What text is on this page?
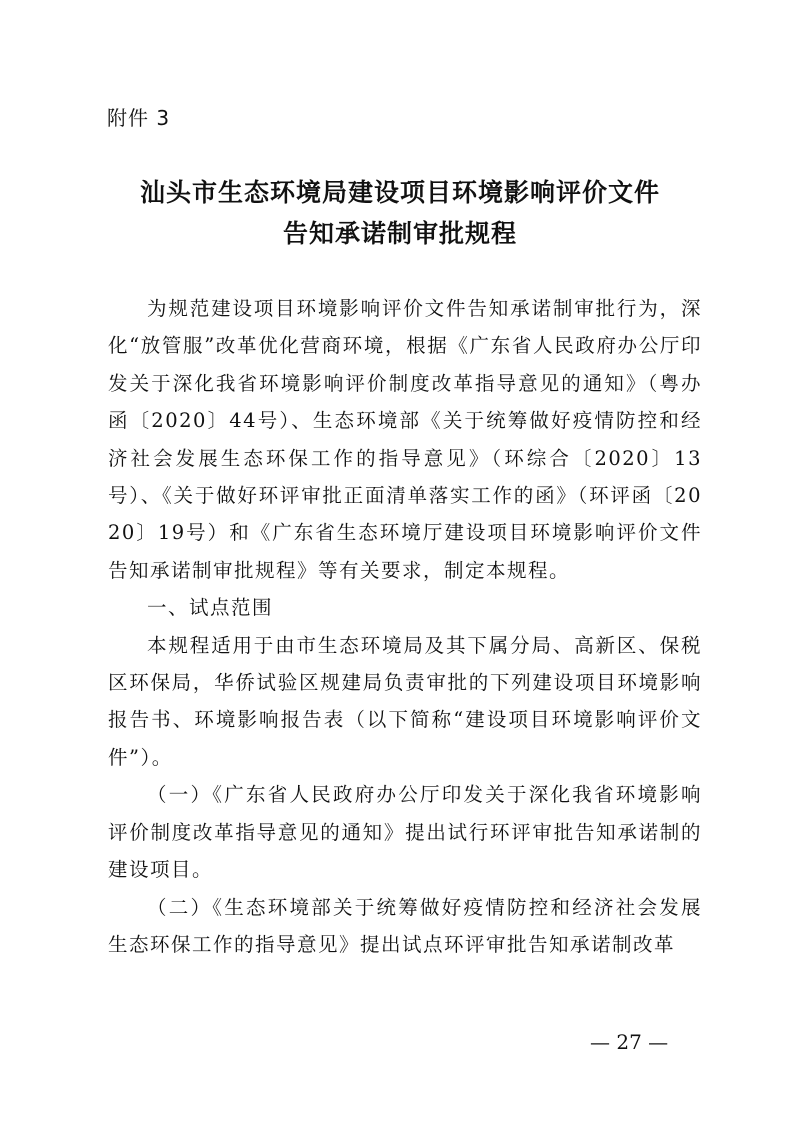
附件 3
汕头市生态环境局建设项目环境影响评价文件
告知承诺制审批规程

为规范建设项目环境影响评价文件告知承诺制审批行为，深化“放管服”改革优化营商环境，根据《广东省人民政府办公厅印发关于深化我省环境影响评价制度改革指导意见的通知》（粤办函〔2020〕44号）、生态环境部《关于统筹做好疫情防控和经济社会发展生态环保工作的指导意见》（环综合〔2020〕13号）、《关于做好环评审批正面清单落实工作的函》（环评函〔2020〕19号）和《广东省生态环境厅建设项目环境影响评价文件告知承诺制审批规程》等有关要求，制定本规程。

一、试点范围

本规程适用于由市生态环境局及其下属分局、高新区、保税区环保局，华侨试验区规建局负责审批的下列建设项目环境影响报告书、环境影响报告表（以下简称“建设项目环境影响评价文件”）。

（一）《广东省人民政府办公厅印发关于深化我省环境影响评价制度改革指导意见的通知》提出试行环评审批告知承诺制的建设项目。

（二）《生态环境部关于统筹做好疫情防控和经济社会发展生态环保工作的指导意见》提出试点环评审批告知承诺制改革

— 27 —
